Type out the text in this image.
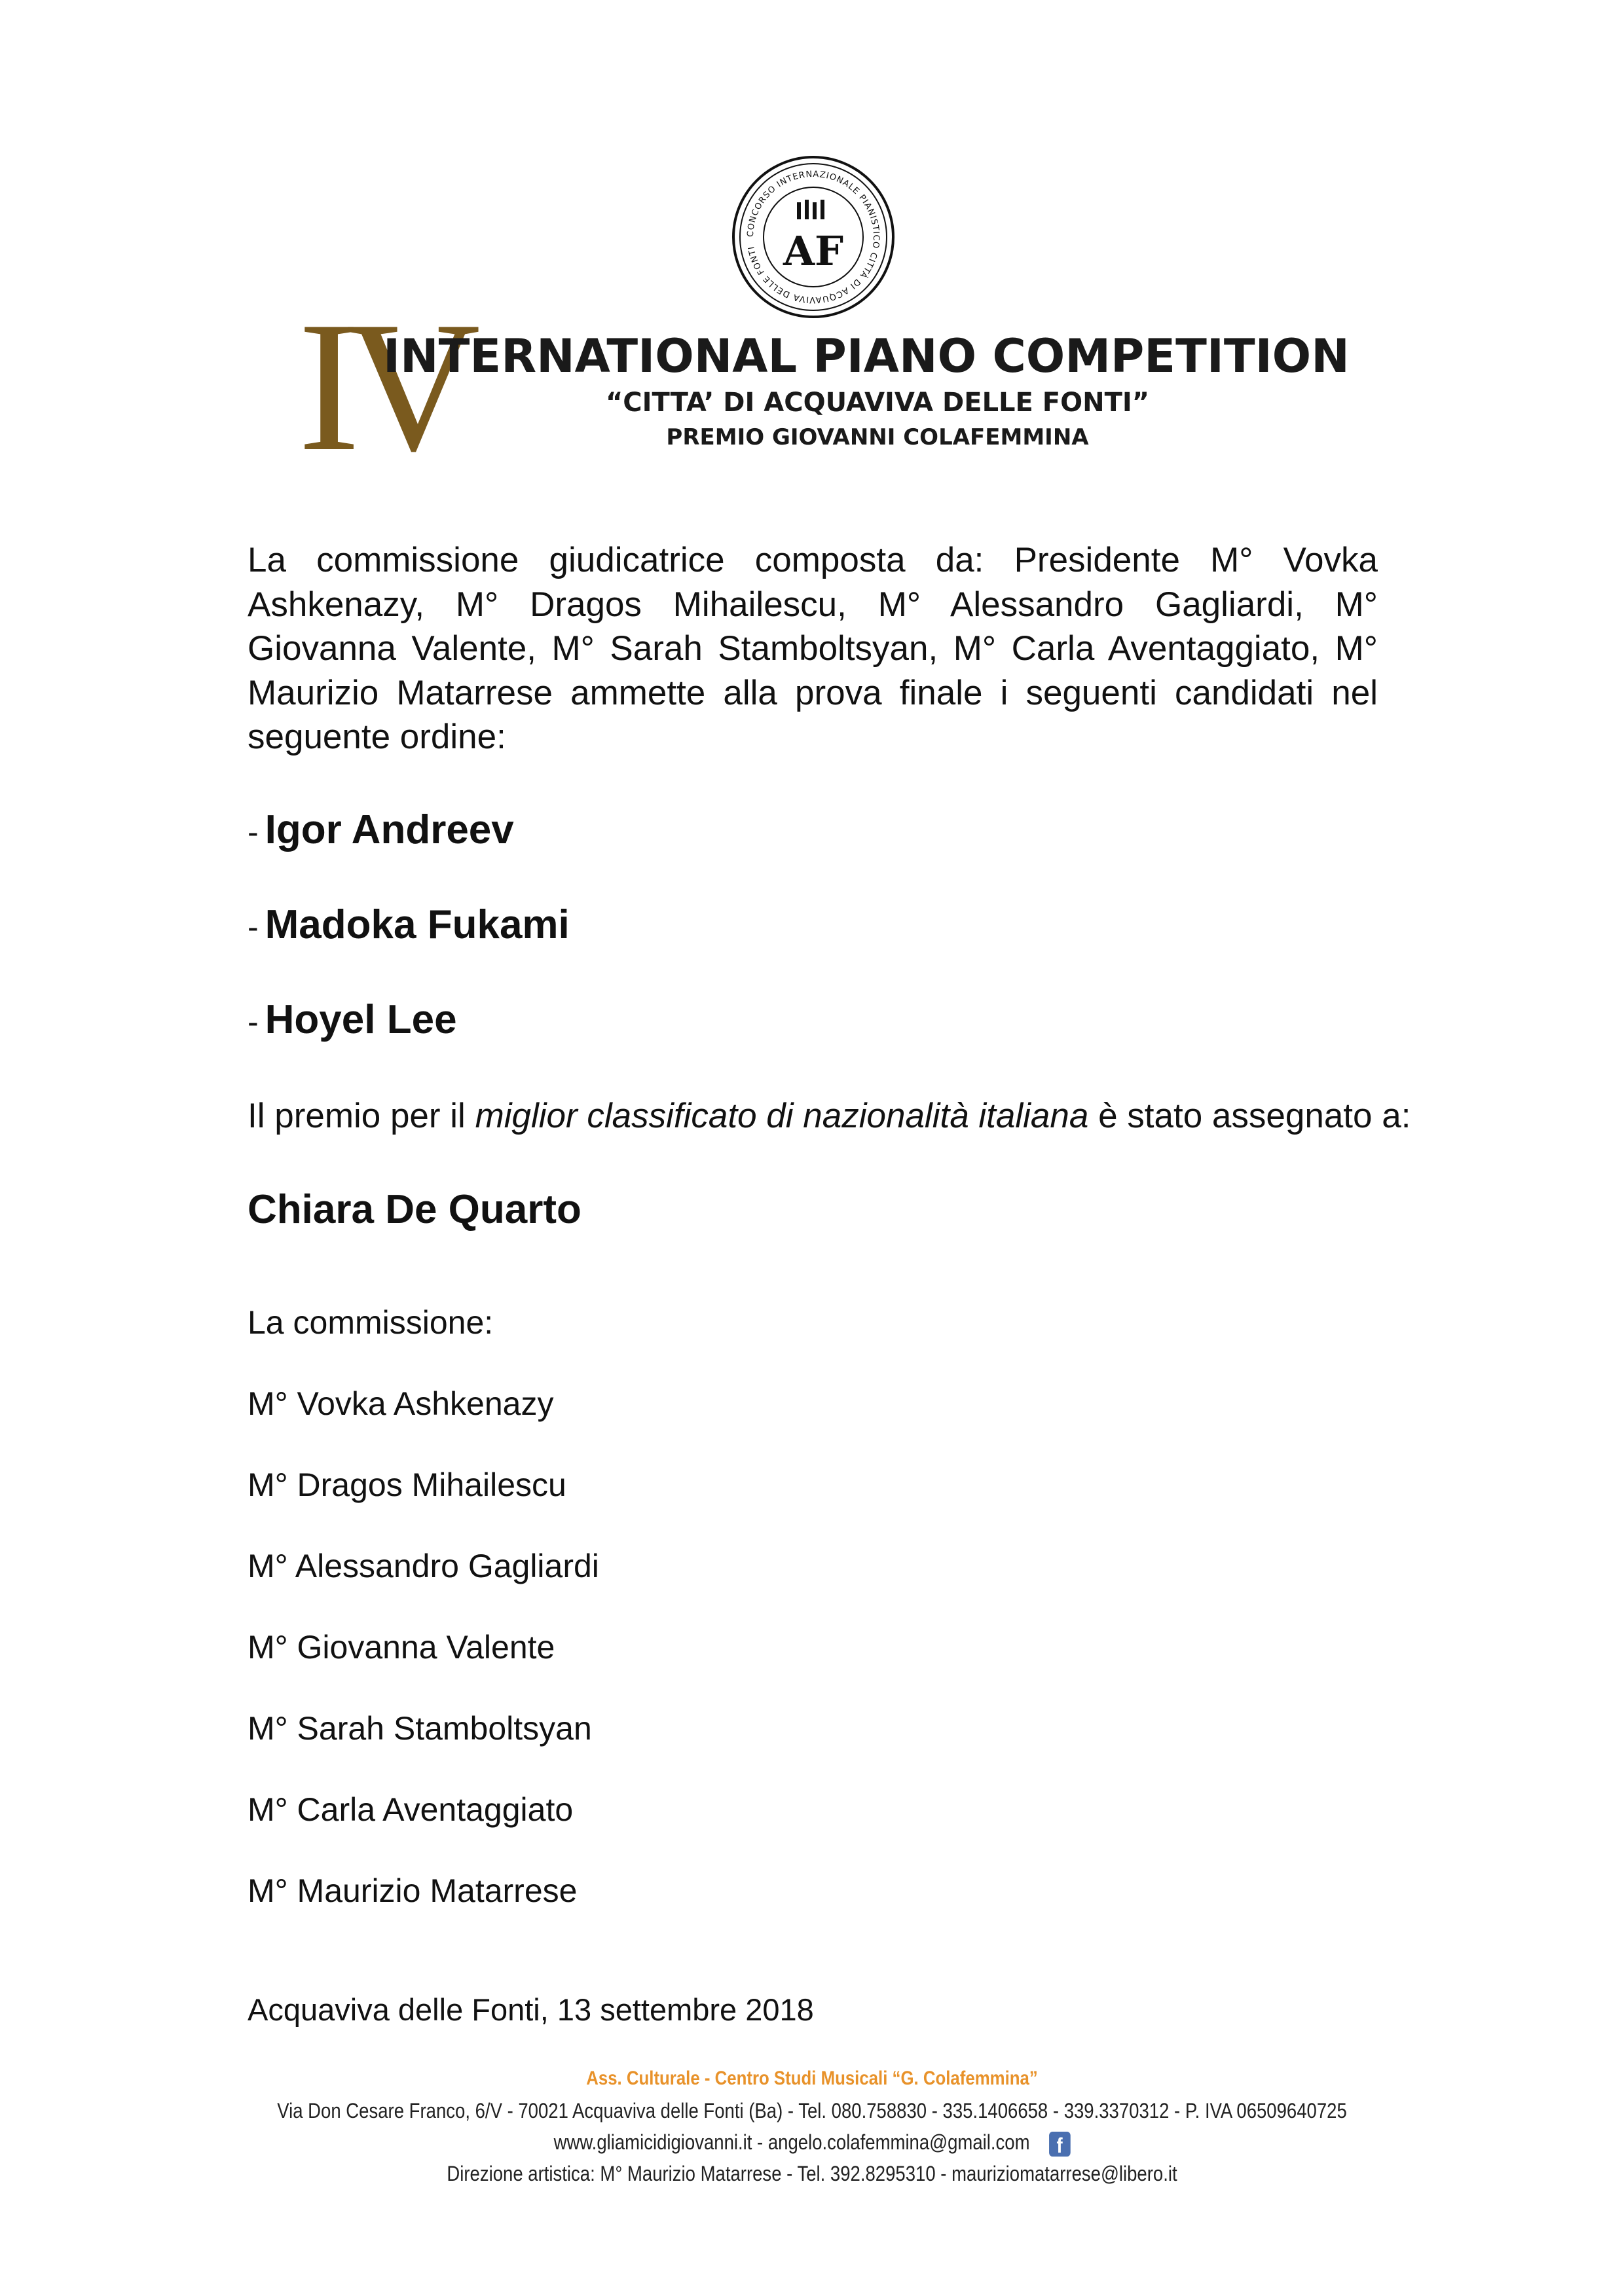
CONCORSO INTERNAZIONALE PIANISTICO CITTÀ DI ACQUAVIVA DELLE FONTI AF
IV
INTERNATIONAL PIANO COMPETITION
“CITTA’ DI ACQUAVIVA DELLE FONTI”
PREMIO GIOVANNI COLAFEMMINA

La commissione giudicatrice composta da: Presidente M° Vovka Ashkenazy, M° Dragos Mihailescu, M° Alessandro Gagliardi, M° Giovanna Valente, M° Sarah Stamboltsyan, M° Carla Aventaggiato, M° Maurizio Matarrese ammette alla prova finale i seguenti candidati nel seguente ordine:

- Igor Andreev
- Madoka Fukami
- Hoyel Lee
Il premio per il miglior classificato di nazionalità italiana è stato assegnato a:
Chiara De Quarto
La commissione:
M° Vovka Ashkenazy
M° Dragos Mihailescu
M° Alessandro Gagliardi
M° Giovanna Valente
M° Sarah Stamboltsyan
M° Carla Aventaggiato
M° Maurizio Matarrese
Acquaviva delle Fonti, 13 settembre 2018
Ass. Culturale - Centro Studi Musicali “G. Colafemmina”
Via Don Cesare Franco, 6/V - 70021 Acquaviva delle Fonti (Ba) - Tel. 080.758830 - 335.1406658 - 339.3370312 - P. IVA 06509640725
www.gliamicidigiovanni.it - angelo.colafemmina@gmail.com f
Direzione artistica: M° Maurizio Matarrese - Tel. 392.8295310 - mauriziomatarrese@libero.it
